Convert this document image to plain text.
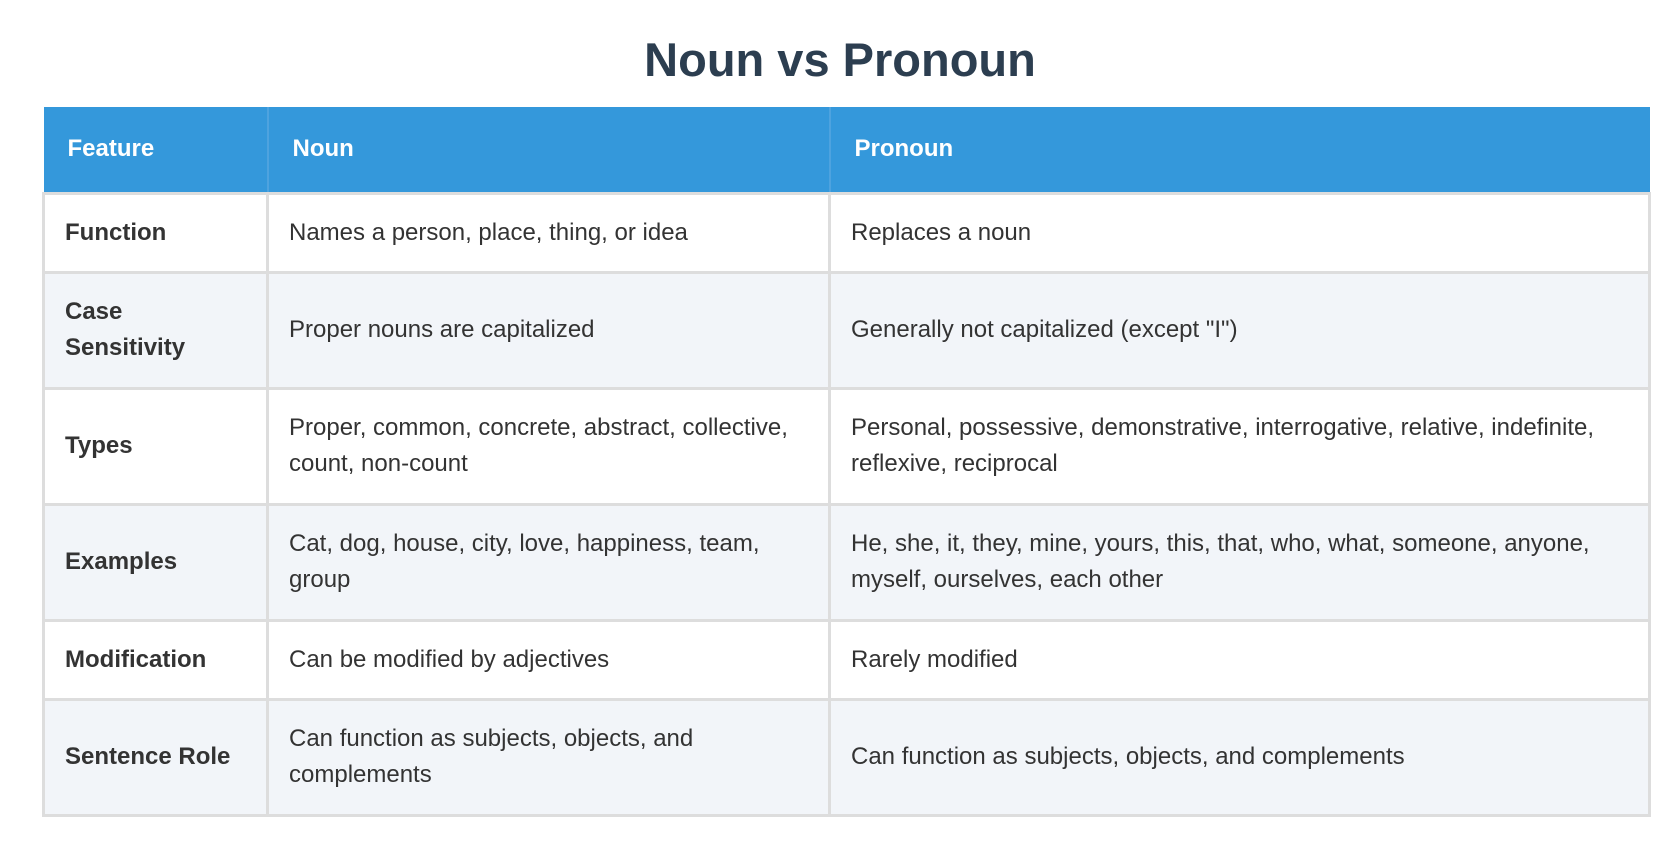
Noun vs Pronoun
Feature	Noun	Pronoun
Function	Names a person, place, thing, or idea	Replaces a noun
Case Sensitivity	Proper nouns are capitalized	Generally not capitalized (except "I")
Types	Proper, common, concrete, abstract, collective, count, non-count	Personal, possessive, demonstrative, interrogative, relative, indefinite, reflexive, reciprocal
Examples	Cat, dog, house, city, love, happiness, team, group	He, she, it, they, mine, yours, this, that, who, what, someone, anyone, myself, ourselves, each other
Modification	Can be modified by adjectives	Rarely modified
Sentence Role	Can function as subjects, objects, and complements	Can function as subjects, objects, and complements
